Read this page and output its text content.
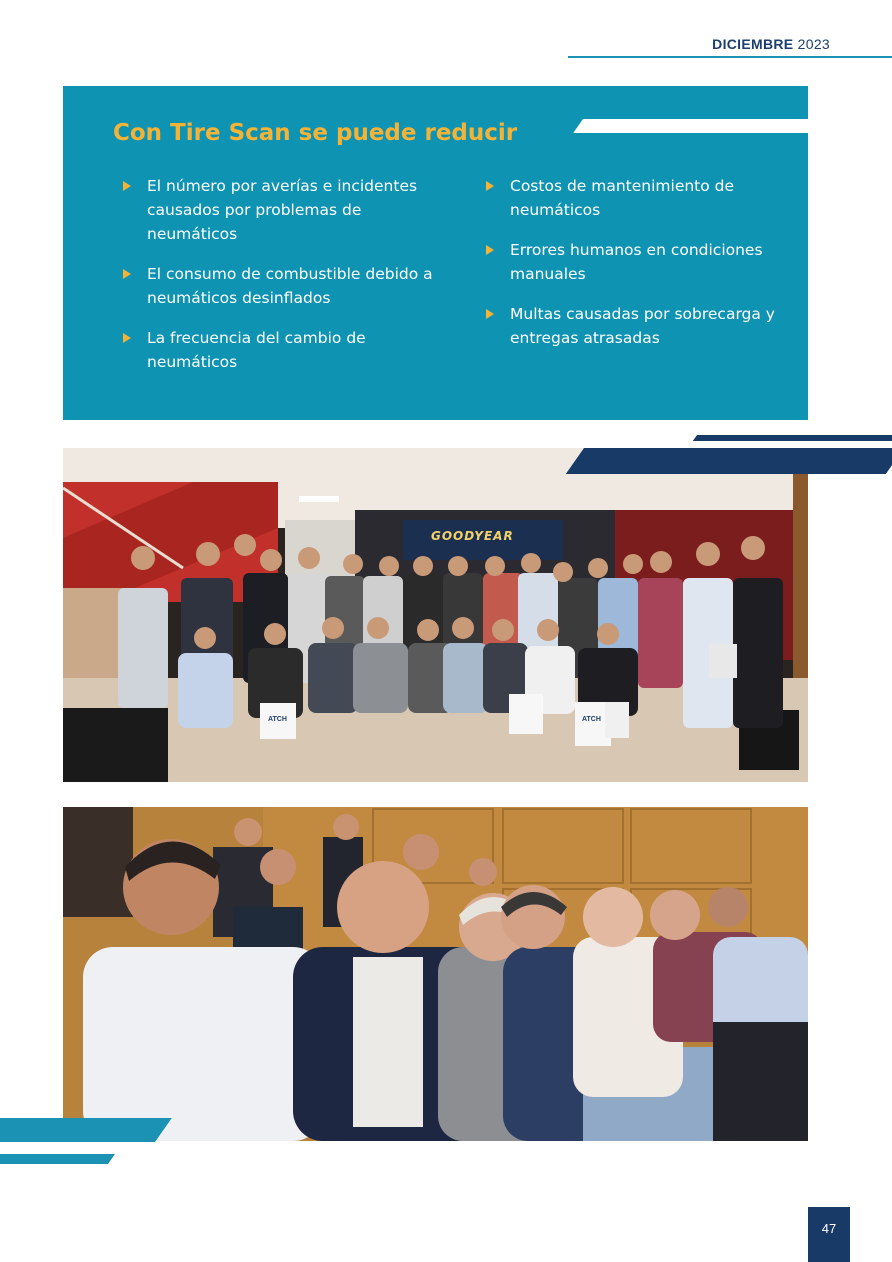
DICIEMBRE 2023
Con Tire Scan se puede reducir
El número por averías e incidentes causados por problemas de neumáticos
El consumo de combustible debido a neumáticos desinflados
La frecuencia del cambio de neumáticos
Costos de mantenimiento de neumáticos
Errores humanos en condiciones manuales
Multas causadas por sobrecarga y entregas atrasadas
GOODYEAR
ATCH	ATCH
47
